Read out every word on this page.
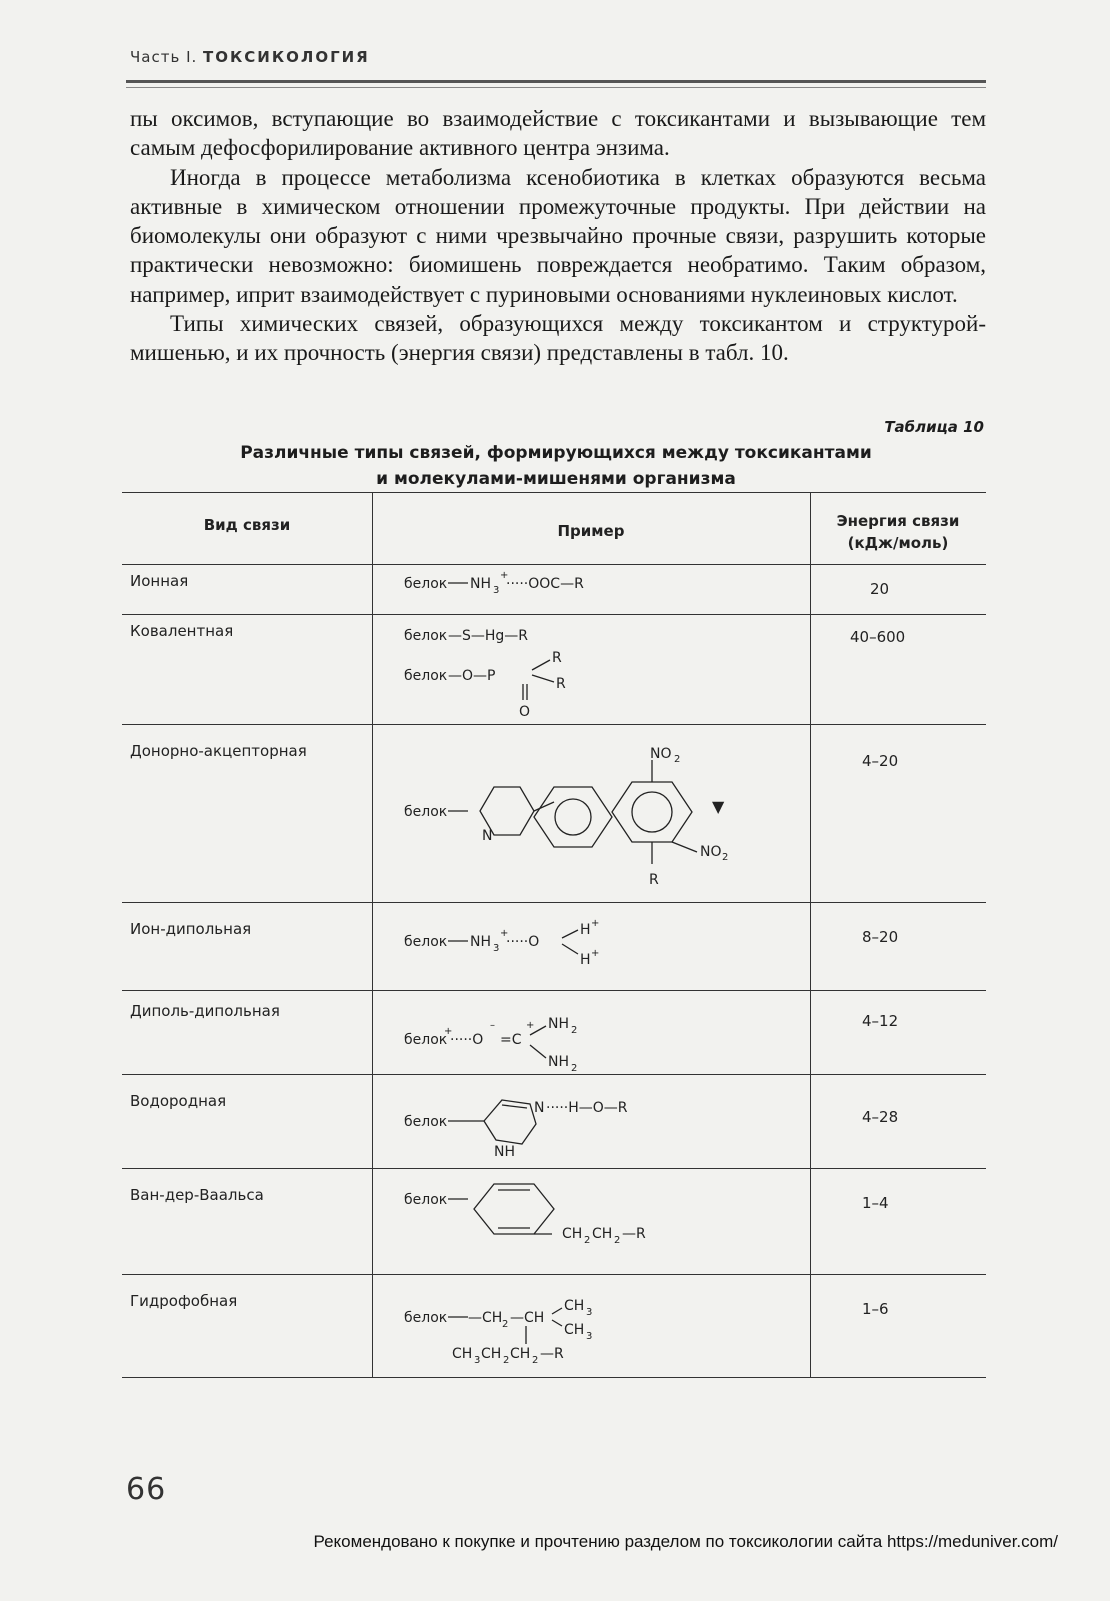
Часть I. ТОКСИКОЛОГИЯ

пы оксимов, вступающие во взаимодействие с токсикантами и вызывающие тем самым дефосфорилирование активного центра энзима.

Иногда в процессе метаболизма ксенобиотика в клетках образуются весьма активные в химическом отношении промежуточные продукты. При действии на биомолекулы они образуют с ними чрезвычайно прочные связи, разрушить которые практически невозможно: биомишень повреждается необратимо. Таким образом, например, иприт взаимодействует с пуриновыми основаниями нуклеиновых кислот.

Типы химических связей, образующихся между токсикантом и структурой-мишенью, и их прочность (энергия связи) представлены в табл. 10.

Таблица 10
Различные типы связей, формирующихся между токсикантами
и молекулами-мишенями организма
Вид связи	Пример
Энергия связи
(кДж/моль)
Ионная
Ковалентная
Донорно-акцепторная
Ион-дипольная
Диполь-дипольная
Водородная
Ван-дер-Ваальса
Гидрофобная
20
40–600
4–20
8–20
4–12
4–28
1–4
1–6
белок NH 3
+
·····ООС—R
белок —S—Hg—R
белок —O—P
R
R
O
белок
N
NO 2
▼
NO 2
R
белок NH 3
+
·····O
H +
H +
белок
+
·····O
–
=C
+ NH 2
NH 2
белок
N ·····H—O—R
NH
белок
CH 2 CH 2 —R
белок —CH 2 —CH
CH 3
CH 3
CH 3 CH 2 CH 2 —R
66
Рекомендовано к покупке и прочтению разделом по токсикологии сайта https://meduniver.com/
